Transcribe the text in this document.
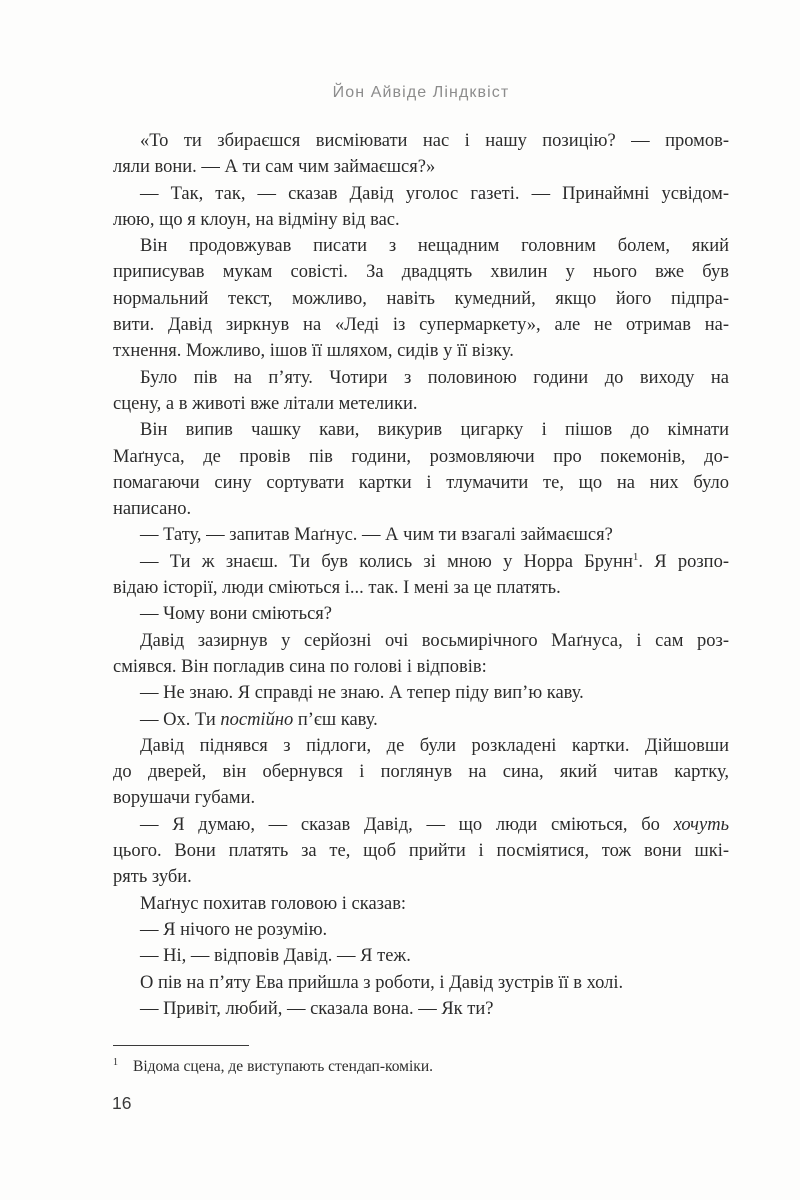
Йон Айвіде Ліндквіст
«То ти збираєшся висміювати нас і нашу позицію? — промов-
ляли вони. — А ти сам чим займаєшся?»
— Так, так, — сказав Давід уголос газеті. — Принаймні усвідом-
люю, що я клоун, на відміну від вас.
Він продовжував писати з нещадним головним болем, який
приписував мукам совісті. За двадцять хвилин у нього вже був
нормальний текст, можливо, навіть кумедний, якщо його підпра-
вити. Давід зиркнув на «Леді із супермаркету», але не отримав на-
тхнення. Можливо, ішов її шляхом, сидів у її візку.
Було пів на п’яту. Чотири з половиною години до виходу на
сцену, а в животі вже літали метелики.
Він випив чашку кави, викурив цигарку і пішов до кімнати
Маґнуса, де провів пів години, розмовляючи про покемонів, до-
помагаючи сину сортувати картки і тлумачити те, що на них було
написано.
— Тату, — запитав Маґнус. — А чим ти взагалі займаєшся?
— Ти ж знаєш. Ти був колись зі мною у Норра Брунн$^1$. Я розпо-
відаю історії, люди сміються і... так. І мені за це платять.
— Чому вони сміються?
Давід зазирнув у серйозні очі восьмирічного Маґнуса, і сам роз-
сміявся. Він погладив сина по голові і відповів:
— Не знаю. Я справді не знаю. А тепер піду вип’ю каву.
— Ох. Ти постійно п’єш каву.
Давід піднявся з підлоги, де були розкладені картки. Дійшовши
до дверей, він обернувся і поглянув на сина, який читав картку,
ворушачи губами.
— Я думаю, — сказав Давід, — що люди сміються, бо хочуть
цього. Вони платять за те, щоб прийти і посміятися, тож вони шкі-
рять зуби.
Маґнус похитав головою і сказав:
— Я нічого не розумію.
— Ні, — відповів Давід. — Я теж.
О пів на п’яту Ева прийшла з роботи, і Давід зустрів її в холі.
— Привіт, любий, — сказала вона. — Як ти?
$^1$ Відома сцена, де виступають стендап-коміки.
16
